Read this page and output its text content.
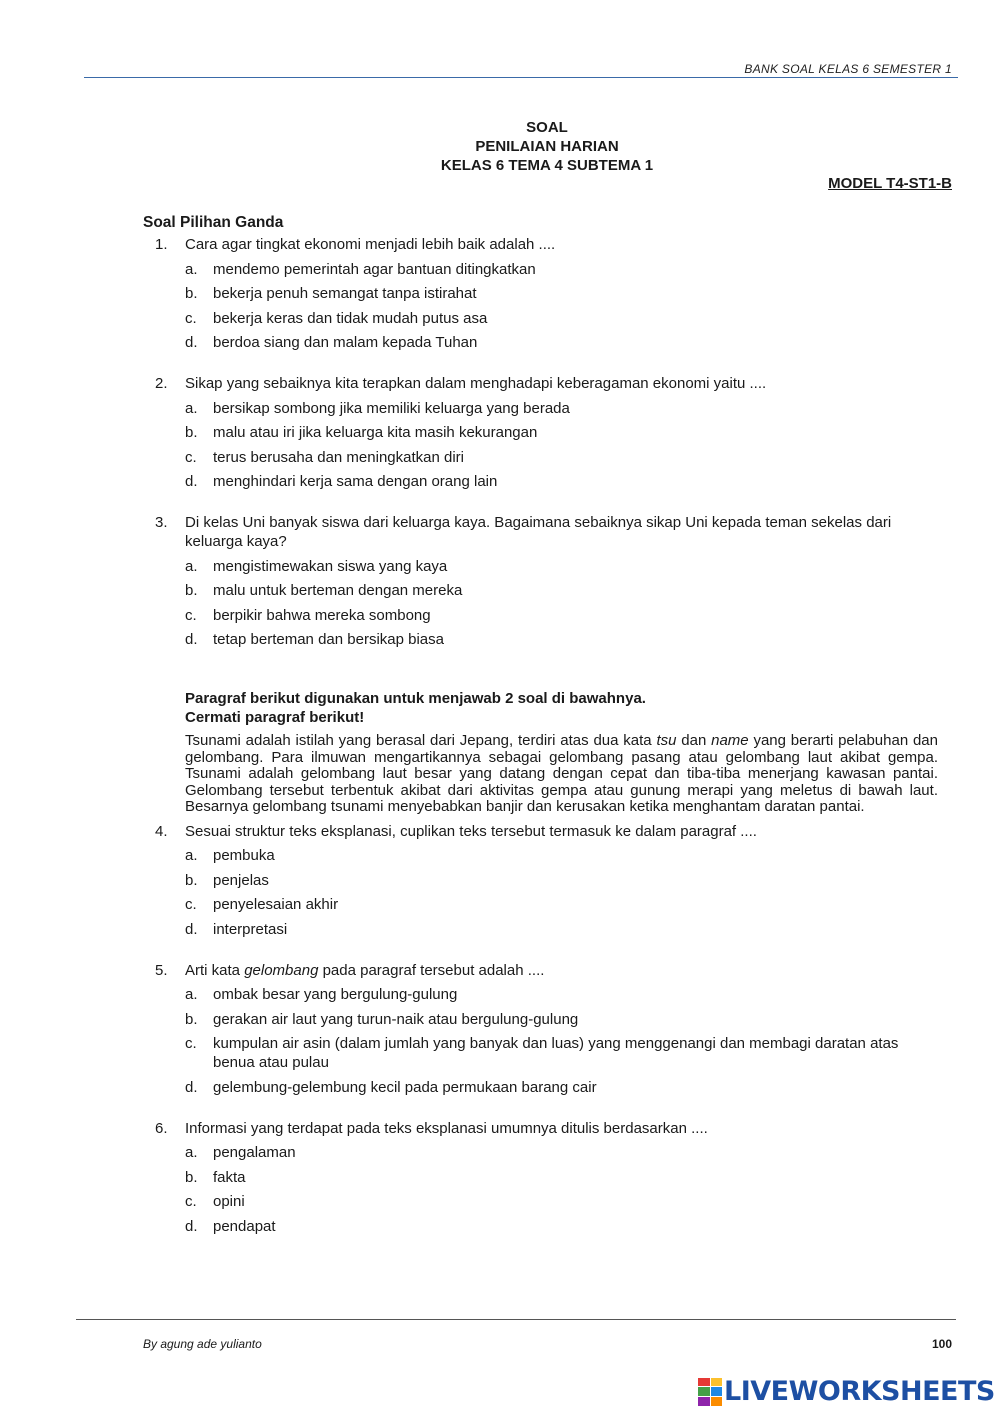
BANK SOAL KELAS 6 SEMESTER 1
SOAL
PENILAIAN HARIAN
KELAS 6 TEMA 4 SUBTEMA 1
MODEL T4-ST1-B
Soal Pilihan Ganda
1. Cara agar tingkat ekonomi menjadi lebih baik adalah ....
a. mendemo pemerintah agar bantuan ditingkatkan
b. bekerja penuh semangat tanpa istirahat
c. bekerja keras dan tidak mudah putus asa
d. berdoa siang dan malam kepada Tuhan
2. Sikap yang sebaiknya kita terapkan dalam menghadapi keberagaman ekonomi yaitu ....
a. bersikap sombong jika memiliki keluarga yang berada
b. malu atau iri jika keluarga kita masih kekurangan
c. terus berusaha dan meningkatkan diri
d. menghindari kerja sama dengan orang lain
3. Di kelas Uni banyak siswa dari keluarga kaya. Bagaimana sebaiknya sikap Uni kepada teman sekelas dari keluarga kaya?
a. mengistimewakan siswa yang kaya
b. malu untuk berteman dengan mereka
c. berpikir bahwa mereka sombong
d. tetap berteman dan bersikap biasa
Paragraf berikut digunakan untuk menjawab 2 soal di bawahnya.
Cermati paragraf berikut!
Tsunami adalah istilah yang berasal dari Jepang, terdiri atas dua kata tsu dan name yang berarti pelabuhan dan gelombang. Para ilmuwan mengartikannya sebagai gelombang pasang atau gelombang laut akibat gempa. Tsunami adalah gelombang laut besar yang datang dengan cepat dan tiba-tiba menerjang kawasan pantai. Gelombang tersebut terbentuk akibat dari aktivitas gempa atau gunung merapi yang meletus di bawah laut. Besarnya gelombang tsunami menyebabkan banjir dan kerusakan ketika menghantam daratan pantai.
4. Sesuai struktur teks eksplanasi, cuplikan teks tersebut termasuk ke dalam paragraf ....
a. pembuka
b. penjelas
c. penyelesaian akhir
d. interpretasi
5. Arti kata gelombang pada paragraf tersebut adalah ....
a. ombak besar yang bergulung-gulung
b. gerakan air laut yang turun-naik atau bergulung-gulung
c. kumpulan air asin (dalam jumlah yang banyak dan luas) yang menggenangi dan membagi daratan atas benua atau pulau
d. gelembung-gelembung kecil pada permukaan barang cair
6. Informasi yang terdapat pada teks eksplanasi umumnya ditulis berdasarkan ....
a. pengalaman
b. fakta
c. opini
d. pendapat
By agung ade yulianto	100
LIVEWORKSHEETS
